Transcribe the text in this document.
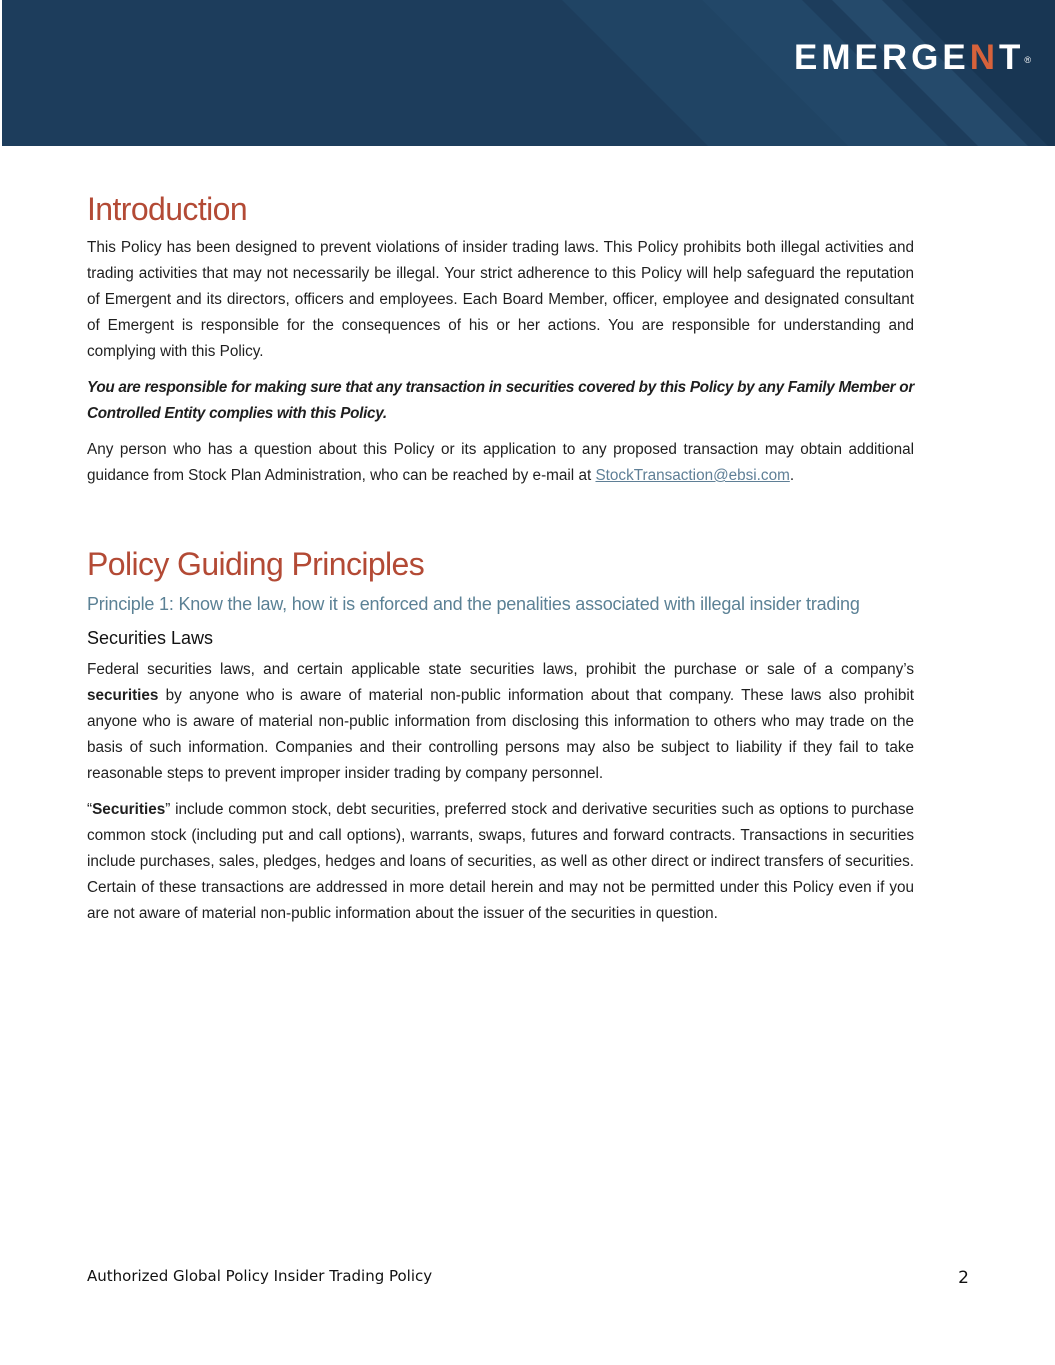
EMERGENT®
Introduction

This Policy has been designed to prevent violations of insider trading laws. This Policy prohibits both illegal activities and trading activities that may not necessarily be illegal. Your strict adherence to this Policy will help safeguard the reputation of Emergent and its directors, officers and employees. Each Board Member, officer, employee and designated consultant of Emergent is responsible for the consequences of his or her actions. You are responsible for understanding and complying with this Policy.

You are responsible for making sure that any transaction in securities covered by this Policy by any Family Member or Controlled Entity complies with this Policy.

Any person who has a question about this Policy or its application to any proposed transaction may obtain additional guidance from Stock Plan Administration, who can be reached by e-mail at StockTransaction@ebsi.com.

Policy Guiding Principles
Principle 1: Know the law, how it is enforced and the penalities associated with illegal insider trading
Securities Laws

Federal securities laws, and certain applicable state securities laws, prohibit the purchase or sale of a company’s securities by anyone who is aware of material non-public information about that company. These laws also prohibit anyone who is aware of material non-public information from disclosing this information to others who may trade on the basis of such information. Companies and their controlling persons may also be subject to liability if they fail to take reasonable steps to prevent improper insider trading by company personnel.

“Securities” include common stock, debt securities, preferred stock and derivative securities such as options to purchase common stock (including put and call options), warrants, swaps, futures and forward contracts. Transactions in securities include purchases, sales, pledges, hedges and loans of securities, as well as other direct or indirect transfers of securities. Certain of these transactions are addressed in more detail herein and may not be permitted under this Policy even if you are not aware of material non-public information about the issuer of the securities in question.

Authorized Global Policy Insider Trading Policy	2
